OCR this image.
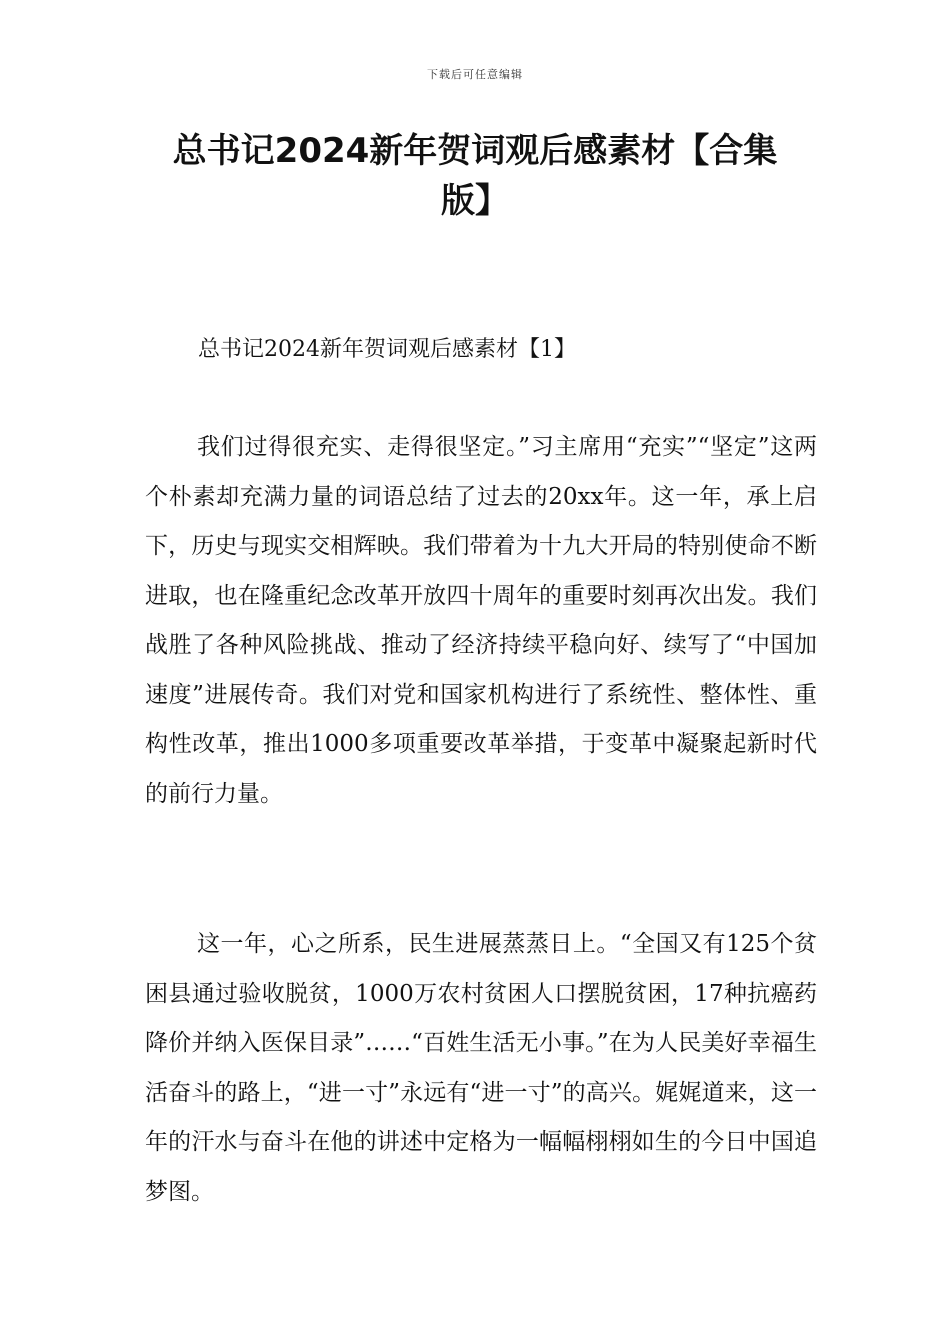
下载后可任意编辑
总书记2024新年贺词观后感素材【合集版】
总书记2024新年贺词观后感素材【1】

我们过得很充实、走得很坚定。”习主席用“充实”“坚定”这两个朴素却充满力量的词语总结了过去的20xx年。这一年，承上启下，历史与现实交相辉映。我们带着为十九大开局的特别使命不断进取，也在隆重纪念改革开放四十周年的重要时刻再次出发。我们战胜了各种风险挑战、推动了经济持续平稳向好、续写了“中国加速度”进展传奇。我们对党和国家机构进行了系统性、整体性、重构性改革，推出1000多项重要改革举措，于变革中凝聚起新时代的前行力量。

这一年，心之所系，民生进展蒸蒸日上。“全国又有125个贫困县通过验收脱贫，1000万农村贫困人口摆脱贫困，17种抗癌药降价并纳入医保目录”……“百姓生活无小事。”在为人民美好幸福生活奋斗的路上，“进一寸”永远有“进一寸”的高兴。娓娓道来，这一年的汗水与奋斗在他的讲述中定格为一幅幅栩栩如生的今日中国追梦图。
